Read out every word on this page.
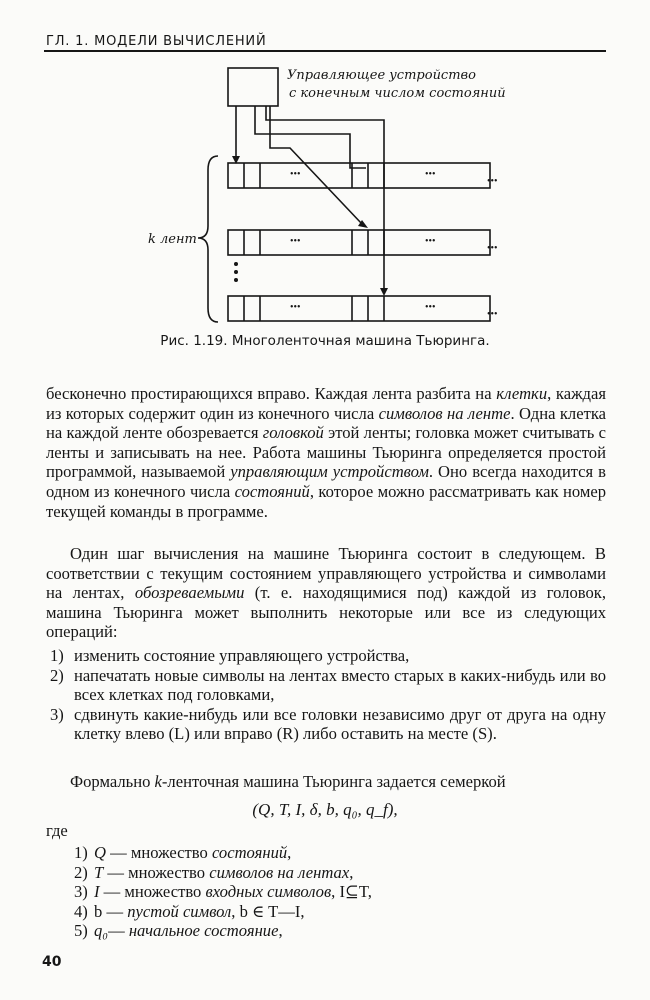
ГЛ. 1. МОДЕЛИ ВЫЧИСЛЕНИЙ
Управляющее устройство
с конечным числом состояний
k лент
•••	•••
•••
•••	•••
•••
•••	•••
•••
Рис. 1.19. Многоленточная машина Тьюринга.

бесконечно простирающихся вправо. Каждая лента разбита на клетки, каждая из которых содержит один из конечного числа символов на ленте. Одна клетка на каждой ленте обозревается головкой этой ленты; головка может считывать с ленты и записывать на нее. Работа машины Тьюринга определяется простой программой, называемой управляющим устройством. Оно всегда находится в одном из конечного числа состояний, которое можно рассматривать как номер текущей команды в программе.

Один шаг вычисления на машине Тьюринга состоит в следующем. В соответствии с текущим состоянием управляющего устройства и символами на лентах, обозреваемыми (т. е. находящимися под) каждой из головок, машина Тьюринга может выполнить некоторые или все из следующих операций:

1) изменить состояние управляющего устройства,
2) напечатать новые символы на лентах вместо старых в каких-нибудь или во всех клетках под головками,
3) сдвинуть какие-нибудь или все головки независимо друг от друга на одну клетку влево (L) или вправо (R) либо оставить на месте (S).

Формально k-ленточная машина Тьюринга задается семеркой

(Q, T, I, δ, b, q₀, q_f),
где
1) Q — множество состояний,
2) T — множество символов на лентах,
3) I — множество входных символов, I⊆T,
4) b — пустой символ, b ∈ T—I,
5) q₀— начальное состояние,
40
